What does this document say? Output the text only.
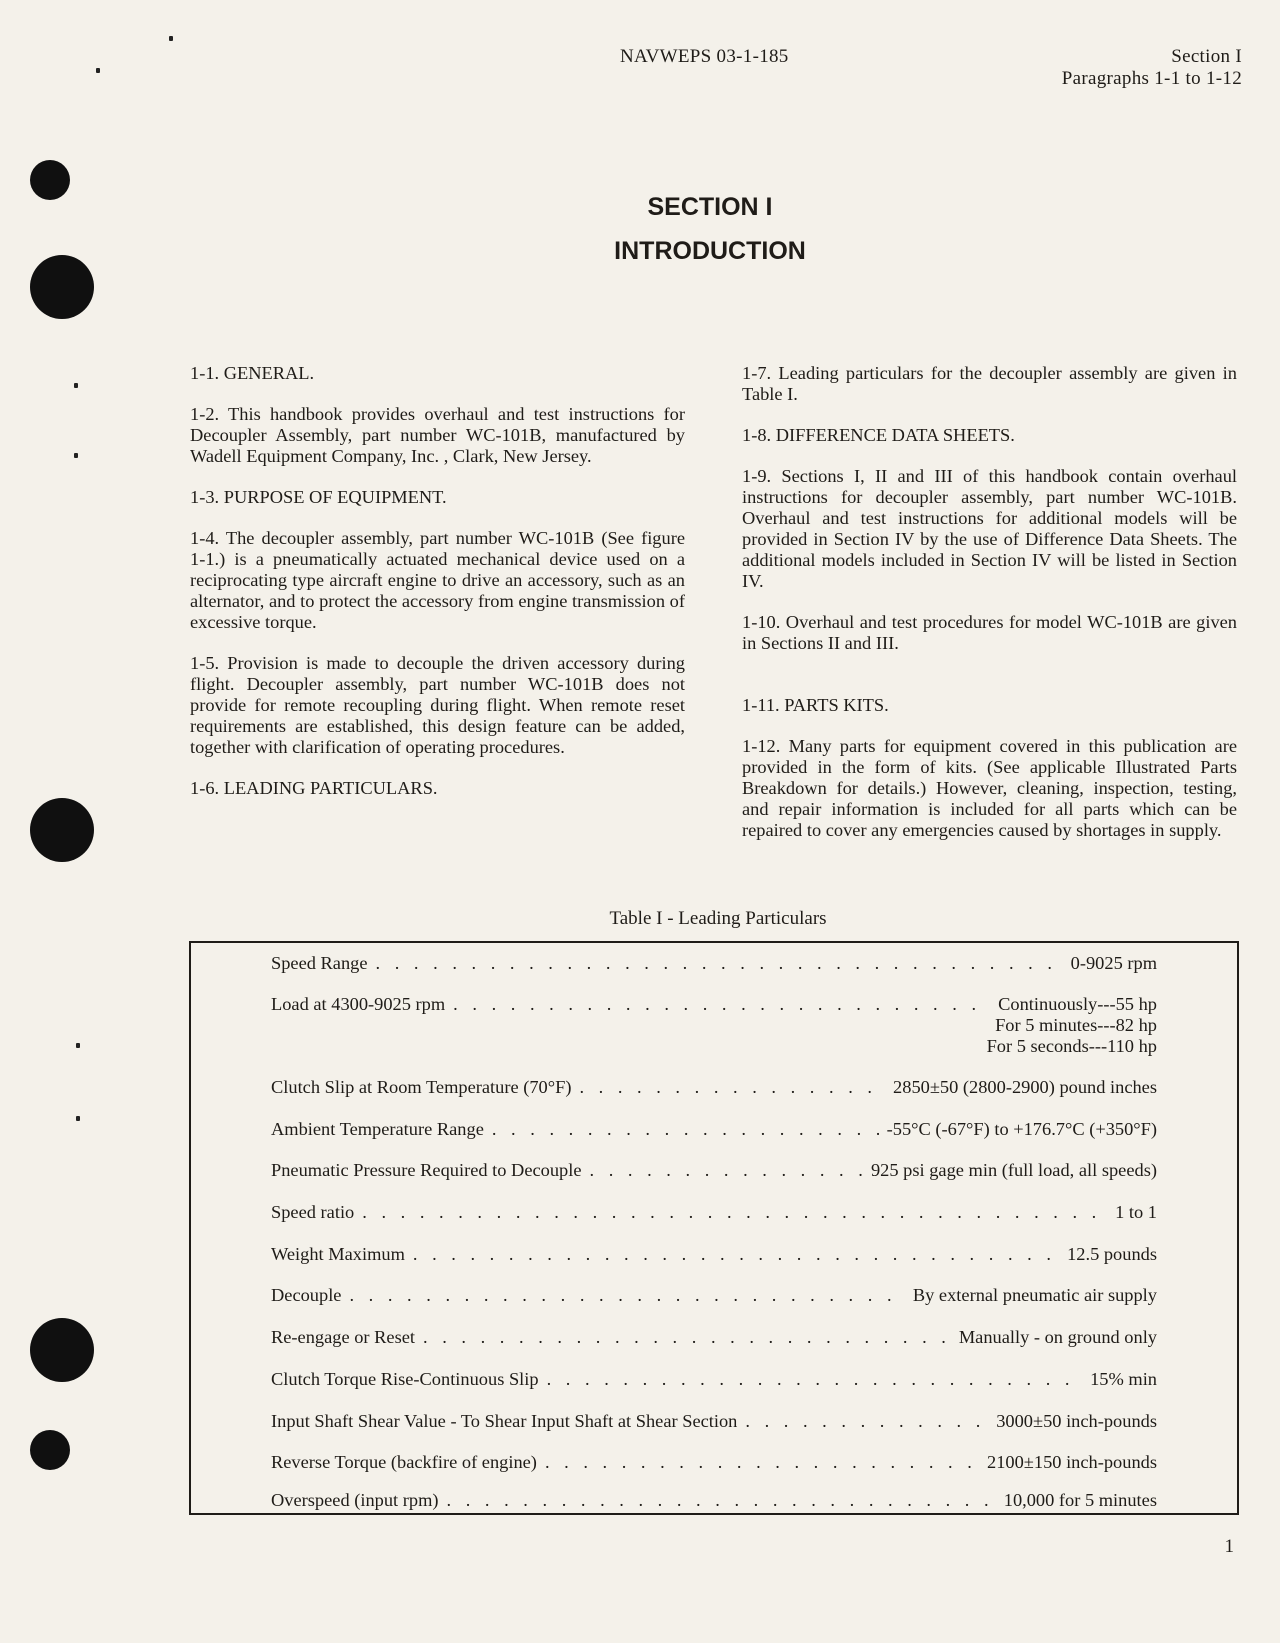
NAVWEPS 03-1-185	Section I
Paragraphs 1-1 to 1-12
SECTION I
INTRODUCTION

1-1. GENERAL.

1-2. This handbook provides overhaul and test instructions for Decoupler Assembly, part number WC-101B, manufactured by Wadell Equipment Company, Inc. , Clark, New Jersey.

1-3. PURPOSE OF EQUIPMENT.

1-4. The decoupler assembly, part number WC-101B (See figure 1-1.) is a pneumatically actuated mechanical device used on a reciprocating type aircraft engine to drive an accessory, such as an alternator, and to protect the accessory from engine transmission of excessive torque.

1-5. Provision is made to decouple the driven accessory during flight. Decoupler assembly, part number WC-101B does not provide for remote recoupling during flight. When remote reset requirements are established, this design feature can be added, together with clarification of operating procedures.

1-6. LEADING PARTICULARS.

1-7. Leading particulars for the decoupler assembly are given in Table I.

1-8. DIFFERENCE DATA SHEETS.

1-9. Sections I, II and III of this handbook contain overhaul instructions for decoupler assembly, part number WC-101B. Overhaul and test instructions for additional models will be provided in Section IV by the use of Difference Data Sheets. The additional models included in Section IV will be listed in Section IV.

1-10. Overhaul and test procedures for model WC-101B are given in Sections II and III.

1-11. PARTS KITS.

1-12. Many parts for equipment covered in this publication are provided in the form of kits. (See applicable Illustrated Parts Breakdown for details.) However, cleaning, inspection, testing, and repair information is included for all parts which can be repaired to cover any emergencies caused by shortages in supply.

Table I - Leading Particulars
Speed Range . . .	0-9025 rpm
Load at 4300-9025 rpm . . .	Continuously---55 hp
For 5 minutes---82 hp
For 5 seconds---110 hp
Clutch Slip at Room Temperature (70°F) . . .	2850±50 (2800-2900) pound inches
Ambient Temperature Range . . .	-55°C (-67°F) to +176.7°C (+350°F)
Pneumatic Pressure Required to Decouple . . .	925 psi gage min (full load, all speeds)
Speed ratio . . .	1 to 1
Weight Maximum . . .	12.5 pounds
Decouple . . .	By external pneumatic air supply
Re-engage or Reset . . .	Manually - on ground only
Clutch Torque Rise-Continuous Slip . . .	15% min
Input Shaft Shear Value - To Shear Input Shaft at Shear Section . . .	3000±50 inch-pounds
Reverse Torque (backfire of engine) . . .	2100±150 inch-pounds
Overspeed (input rpm) . . .	10,000 for 5 minutes
1
